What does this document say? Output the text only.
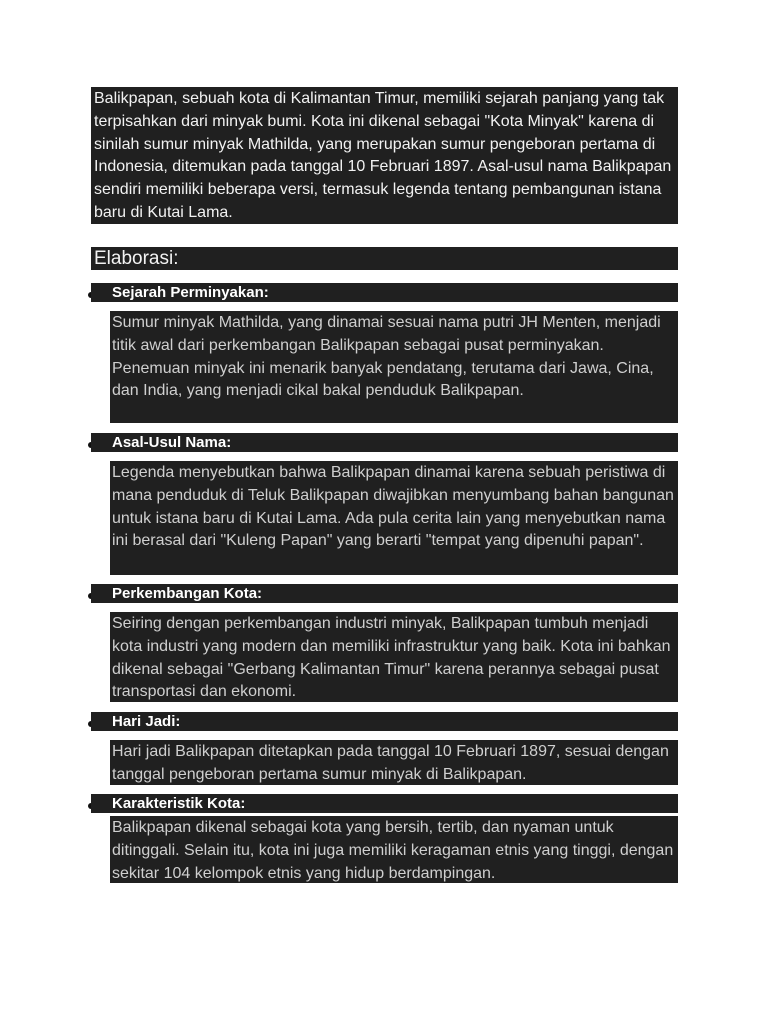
Balikpapan, sebuah kota di Kalimantan Timur, memiliki sejarah panjang yang tak terpisahkan dari minyak bumi. Kota ini dikenal sebagai "Kota Minyak" karena di sinilah sumur minyak Mathilda, yang merupakan sumur pengeboran pertama di Indonesia, ditemukan pada tanggal 10 Februari 1897. Asal-usul nama Balikpapan sendiri memiliki beberapa versi, termasuk legenda tentang pembangunan istana baru di Kutai Lama.
Elaborasi:
Sejarah Perminyakan:
Sumur minyak Mathilda, yang dinamai sesuai nama putri JH Menten, menjadi titik awal dari perkembangan Balikpapan sebagai pusat perminyakan. Penemuan minyak ini menarik banyak pendatang, terutama dari Jawa, Cina, dan India, yang menjadi cikal bakal penduduk Balikpapan.
Asal-Usul Nama:
Legenda menyebutkan bahwa Balikpapan dinamai karena sebuah peristiwa di mana penduduk di Teluk Balikpapan diwajibkan menyumbang bahan bangunan untuk istana baru di Kutai Lama. Ada pula cerita lain yang menyebutkan nama ini berasal dari "Kuleng Papan" yang berarti "tempat yang dipenuhi papan".
Perkembangan Kota:
Seiring dengan perkembangan industri minyak, Balikpapan tumbuh menjadi kota industri yang modern dan memiliki infrastruktur yang baik. Kota ini bahkan dikenal sebagai "Gerbang Kalimantan Timur" karena perannya sebagai pusat transportasi dan ekonomi.
Hari Jadi:
Hari jadi Balikpapan ditetapkan pada tanggal 10 Februari 1897, sesuai dengan tanggal pengeboran pertama sumur minyak di Balikpapan.
Karakteristik Kota:
Balikpapan dikenal sebagai kota yang bersih, tertib, dan nyaman untuk ditinggali. Selain itu, kota ini juga memiliki keragaman etnis yang tinggi, dengan sekitar 104 kelompok etnis yang hidup berdampingan.
